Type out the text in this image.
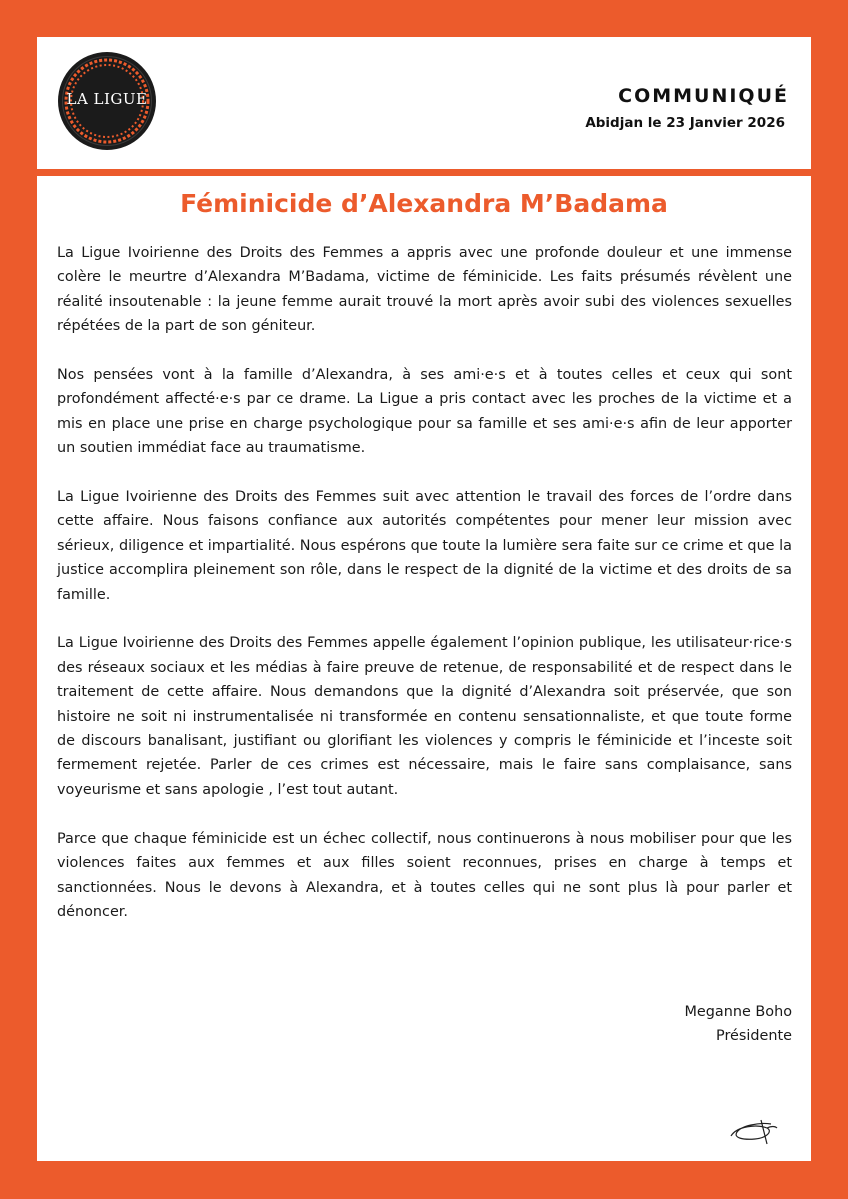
LA LIGUE	COMMUNIQUÉ
Abidjan le 23 Janvier 2026
Féminicide d’Alexandra M’Badama

La Ligue Ivoirienne des Droits des Femmes a appris avec une profonde douleur et une immense colère le meurtre d’Alexandra M’Badama, victime de féminicide. Les faits présumés révèlent une réalité insoutenable : la jeune femme aurait trouvé la mort après avoir subi des violences sexuelles répétées de la part de son géniteur.

Nos pensées vont à la famille d’Alexandra, à ses ami·e·s et à toutes celles et ceux qui sont profondément affecté·e·s par ce drame. La Ligue a pris contact avec les proches de la victime et a mis en place une prise en charge psychologique pour sa famille et ses ami·e·s afin de leur apporter un soutien immédiat face au traumatisme.

La Ligue Ivoirienne des Droits des Femmes suit avec attention le travail des forces de l’ordre dans cette affaire. Nous faisons confiance aux autorités compétentes pour mener leur mission avec sérieux, diligence et impartialité. Nous espérons que toute la lumière sera faite sur ce crime et que la justice accomplira pleinement son rôle, dans le respect de la dignité de la victime et des droits de sa famille.

La Ligue Ivoirienne des Droits des Femmes appelle également l’opinion publique, les utilisateur·rice·s des réseaux sociaux et les médias à faire preuve de retenue, de responsabilité et de respect dans le traitement de cette affaire. Nous demandons que la dignité d’Alexandra soit préservée, que son histoire ne soit ni instrumentalisée ni transformée en contenu sensationnaliste, et que toute forme de discours banalisant, justifiant ou glorifiant les violences y compris le féminicide et l’inceste soit fermement rejetée. Parler de ces crimes est nécessaire, mais le faire sans complaisance, sans voyeurisme et sans apologie , l’est tout autant.

Parce que chaque féminicide est un échec collectif, nous continuerons à nous mobiliser pour que les violences faites aux femmes et aux filles soient reconnues, prises en charge à temps et sanctionnées. Nous le devons à Alexandra, et à toutes celles qui ne sont plus là pour parler et dénoncer.

Meganne Boho
Présidente
